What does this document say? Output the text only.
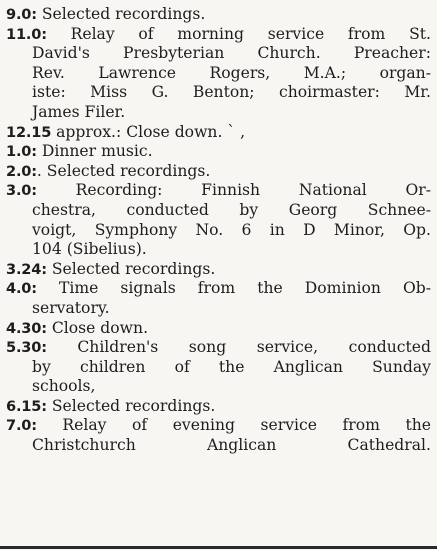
9.0: Selected recordings.

11.0: Relay of morning service from St.
David's Presbyterian Church. Preacher:
Rev. Lawrence Rogers, M.A.; organ-
iste: Miss G. Benton; choirmaster: Mr.
James Filer.

12.15 approx.: Close down. ` ,

1.0: Dinner music.

2.0:. Selected recordings.

3.0: Recording: Finnish National Or-
chestra, conducted by Georg Schnee-
voigt, Symphony No. 6 in D Minor, Op.
104 (Sibelius).

3.24: Selected recordings.

4.0: Time signals from the Dominion Ob-
servatory.

4.30: Close down.

5.30: Children's song service, conducted
by children of the Anglican Sunday
schools,

6.15: Selected recordings.

7.0: Relay of evening service from the
Christchurch Anglican Cathedral.
